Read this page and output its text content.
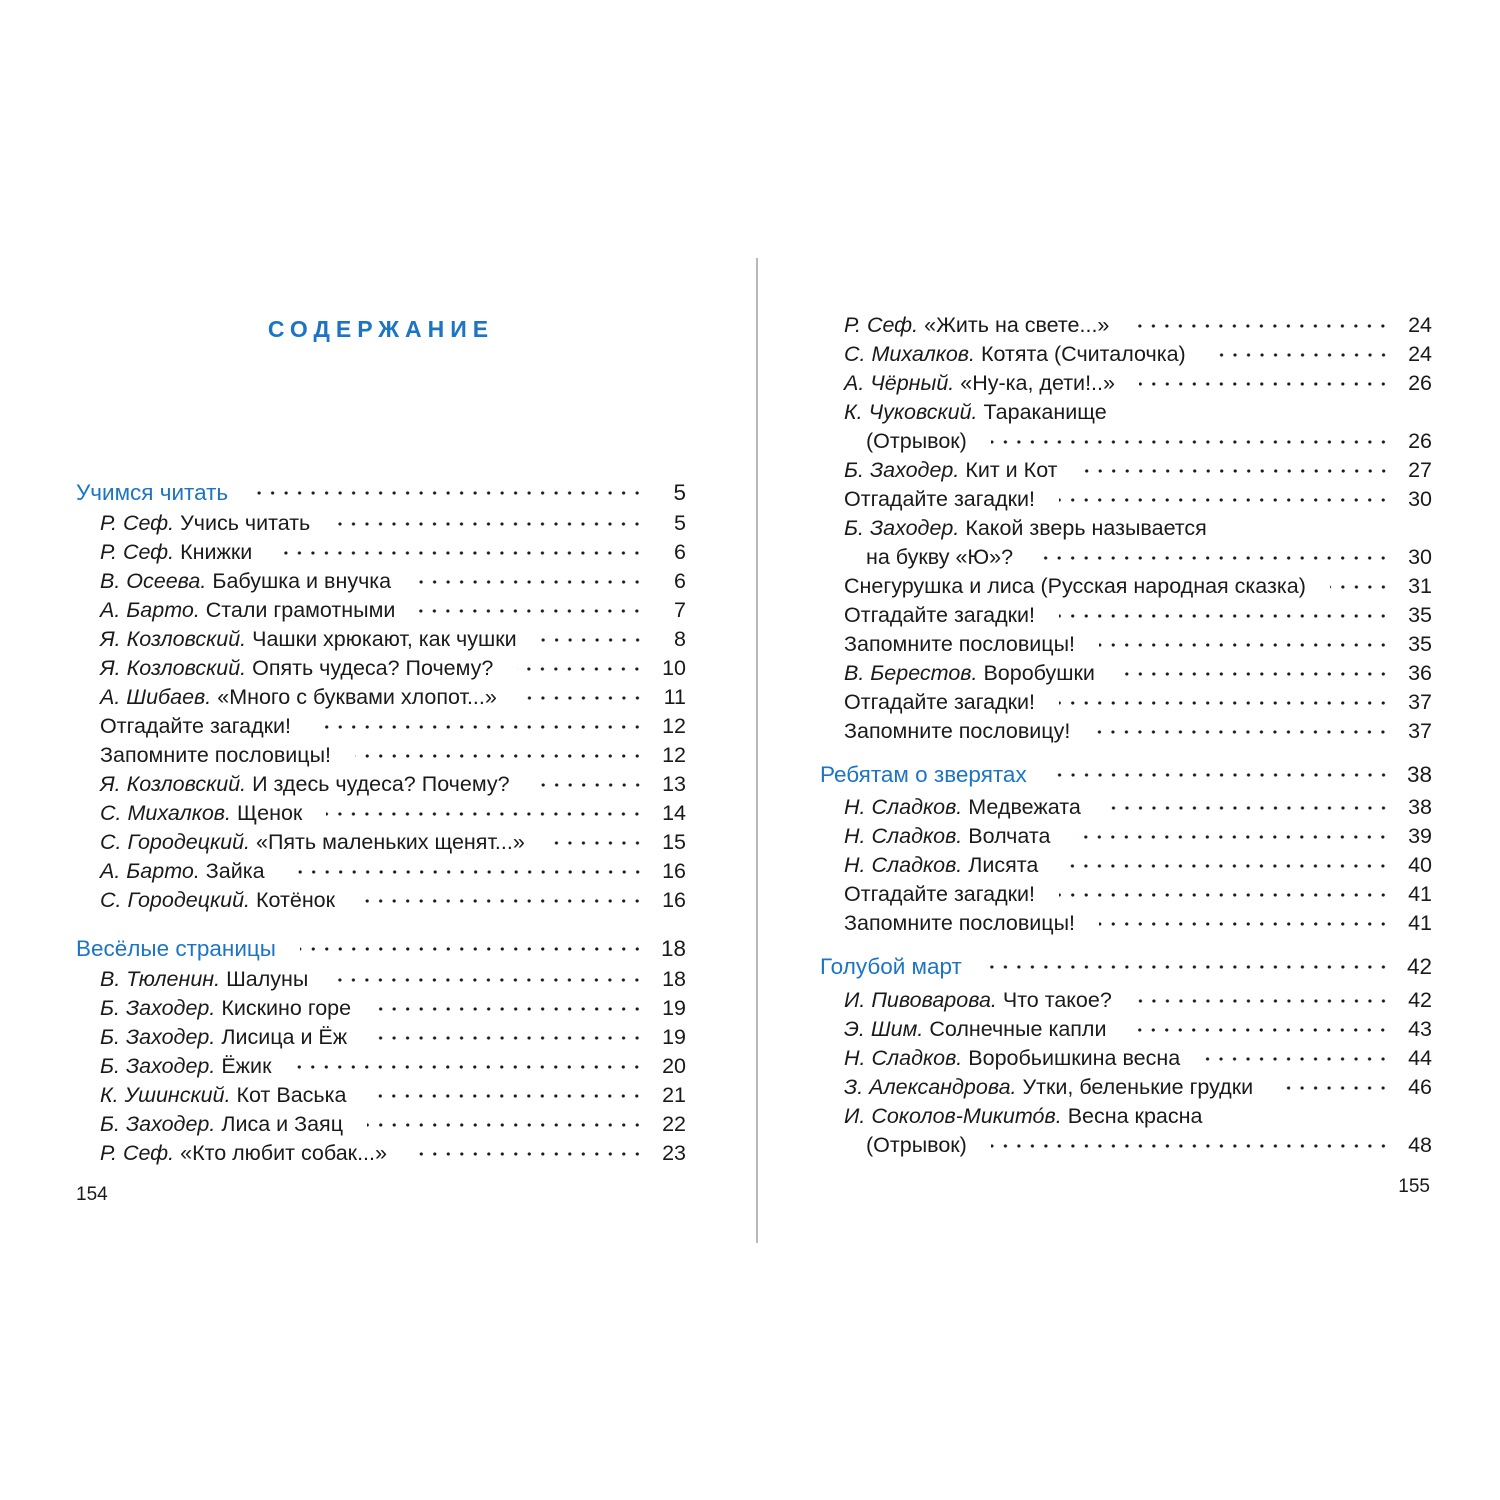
СОДЕРЖАНИЕ
Учимся читать	5
Р. Сеф. Учись читать	5
Р. Сеф. Книжки	6
В. Осеева. Бабушка и внучка	6
А. Барто. Стали грамотными	7
Я. Козловский. Чашки хрюкают, как чушки	8
Я. Козловский. Опять чудеса? Почему?	10
А. Шибаев. «Много с буквами хлопот...»	11
Отгадайте загадки!	12
Запомните пословицы!	12
Я. Козловский. И здесь чудеса? Почему?	13
С. Михалков. Щенок	14
С. Городецкий. «Пять маленьких щенят...»	15
А. Барто. Зайка	16
С. Городецкий. Котёнок	16
Весёлые страницы	18
В. Тюленин. Шалуны	18
Б. Заходер. Кискино горе	19
Б. Заходер. Лисица и Ёж	19
Б. Заходер. Ёжик	20
К. Ушинский. Кот Васька	21
Б. Заходер. Лиса и Заяц	22
Р. Сеф. «Кто любит собак...»	23
154
Р. Сеф. «Жить на свете...»	24
С. Михалков. Котята (Считалочка)	24
А. Чёрный. «Ну-ка, дети!..»	26
К. Чуковский. Тараканище
(Отрывок)	26
Б. Заходер. Кит и Кот	27
Отгадайте загадки!	30
Б. Заходер. Какой зверь называется
на букву «Ю»?	30
Снегурушка и лиса (Русская народная сказка)	31
Отгадайте загадки!	35
Запомните пословицы!	35
В. Берестов. Воробушки	36
Отгадайте загадки!	37
Запомните пословицу!	37
Ребятам о зверятах	38
Н. Сладков. Медвежата	38
Н. Сладков. Волчата	39
Н. Сладков. Лисята	40
Отгадайте загадки!	41
Запомните пословицы!	41
Голубой март	42
И. Пивоварова. Что такое?	42
Э. Шим. Солнечные капли	43
Н. Сладков. Воробьишкина весна	44
З. Александрова. Утки, беленькие грудки	46
И. Соколов-Микито́в. Весна красна
(Отрывок)	48
155
